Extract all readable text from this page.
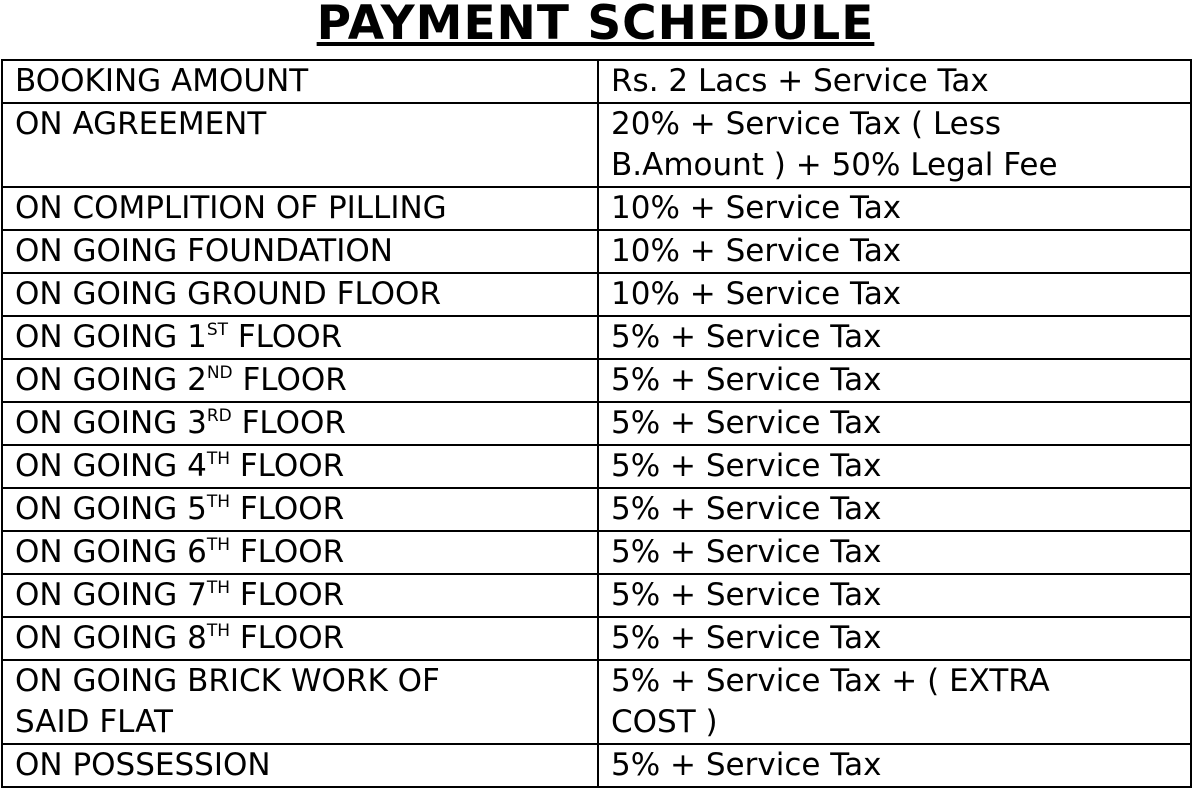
PAYMENT SCHEDULE
BOOKING AMOUNT	Rs. 2 Lacs + Service Tax
ON AGREEMENT	20% + Service Tax ( Less B.Amount ) + 50% Legal Fee
ON COMPLITION OF PILLING	10% + Service Tax
ON GOING FOUNDATION	10% + Service Tax
ON GOING GROUND FLOOR	10% + Service Tax
ON GOING 1ST FLOOR	5% + Service Tax
ON GOING 2ND FLOOR	5% + Service Tax
ON GOING 3RD FLOOR	5% + Service Tax
ON GOING 4TH FLOOR	5% + Service Tax
ON GOING 5TH FLOOR	5% + Service Tax
ON GOING 6TH FLOOR	5% + Service Tax
ON GOING 7TH FLOOR	5% + Service Tax
ON GOING 8TH FLOOR	5% + Service Tax
ON GOING BRICK WORK OF SAID FLAT	5% + Service Tax + ( EXTRA COST )
ON POSSESSION	5% + Service Tax
